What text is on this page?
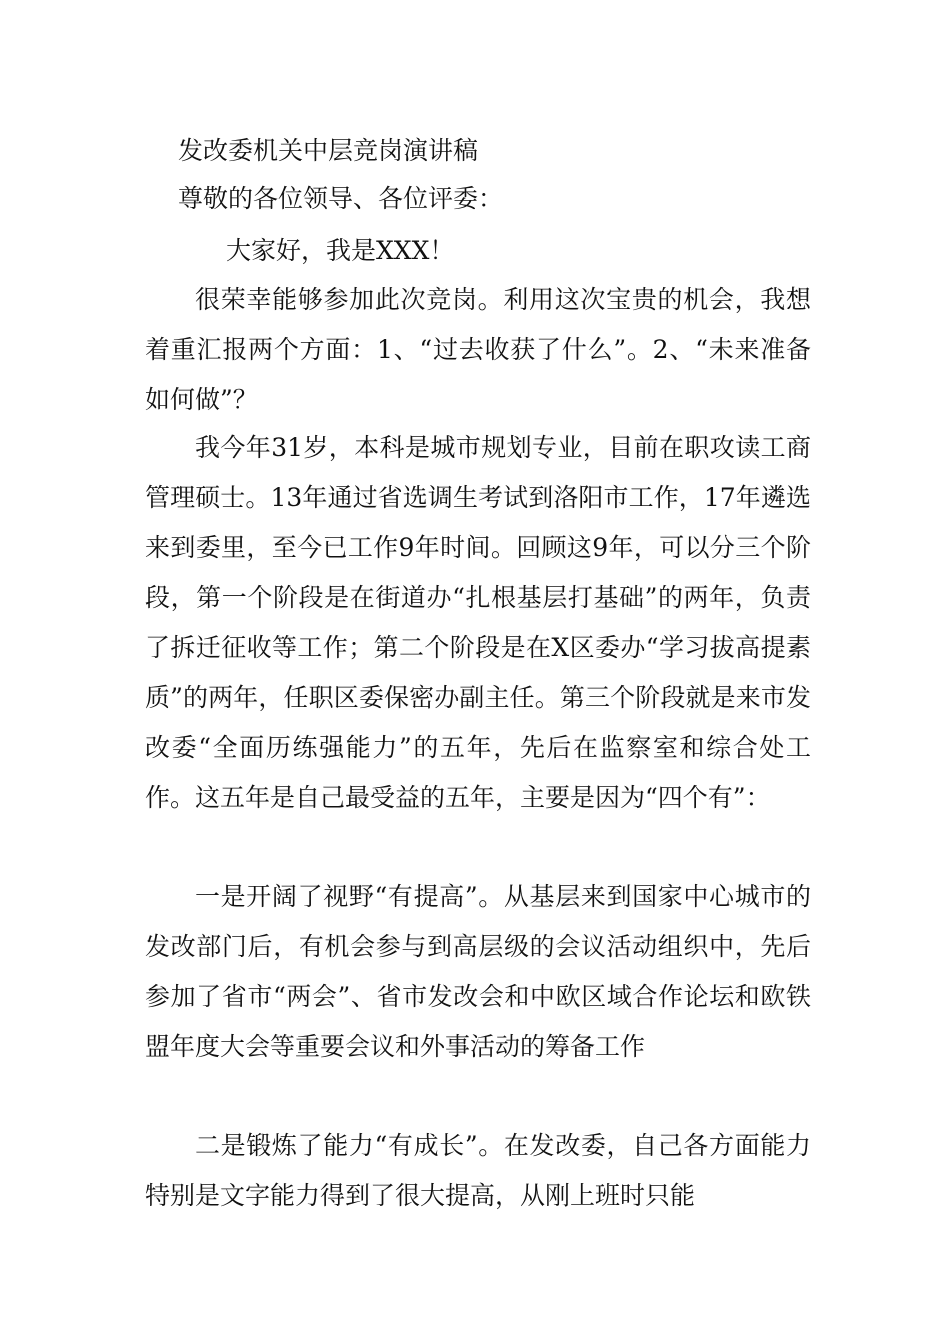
发改委机关中层竞岗演讲稿
尊敬的各位领导、各位评委：
大家好，我是XXX！
很荣幸能够参加此次竞岗。利用这次宝贵的机会，我想着重汇报两个方面：1、“过去收获了什么”。2、“未来准备如何做”？
我今年31岁，本科是城市规划专业，目前在职攻读工商管理硕士。13年通过省选调生考试到洛阳市工作，17年遴选来到委里，至今已工作9年时间。回顾这9年，可以分三个阶段，第一个阶段是在街道办“扎根基层打基础”的两年，负责了拆迁征收等工作；第二个阶段是在X区委办“学习拔高提素质”的两年，任职区委保密办副主任。第三个阶段就是来市发改委“全面历练强能力”的五年，先后在监察室和综合处工作。这五年是自己最受益的五年，主要是因为“四个有”：
一是开阔了视野“有提高”。从基层来到国家中心城市的发改部门后，有机会参与到高层级的会议活动组织中，先后参加了省市“两会”、省市发改会和中欧区域合作论坛和欧铁盟年度大会等重要会议和外事活动的筹备工作
二是锻炼了能力“有成长”。在发改委，自己各方面能力特别是文字能力得到了很大提高，从刚上班时只能
